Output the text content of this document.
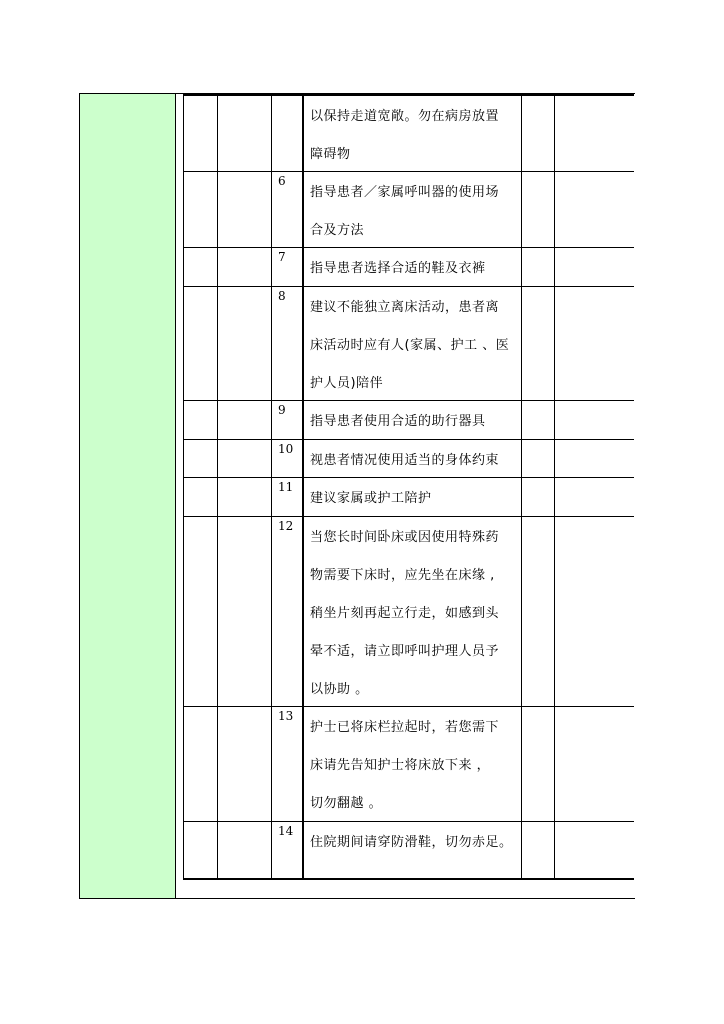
以保持走道宽敞。勿在病房放置
障碍物
6
指导患者／家属呼叫器的使用场
合及方法
7
指导患者选择合适的鞋及衣裤
8
建议不能独立离床活动，患者离
床活动时应有人(家属、护工 、医
护人员)陪伴
9
指导患者使用合适的助行器具
10
视患者情况使用适当的身体约束
11
建议家属或护工陪护
12
当您长时间卧床或因使用特殊药
物需要下床时，应先坐在床缘 ,
稍坐片刻再起立行走，如感到头
晕不适，请立即呼叫护理人员予
以协助 。
13
护士已将床栏拉起时，若您需下
床请先告知护士将床放下来 ，
切勿翻越 。
14
住院期间请穿防滑鞋，切勿赤足。
